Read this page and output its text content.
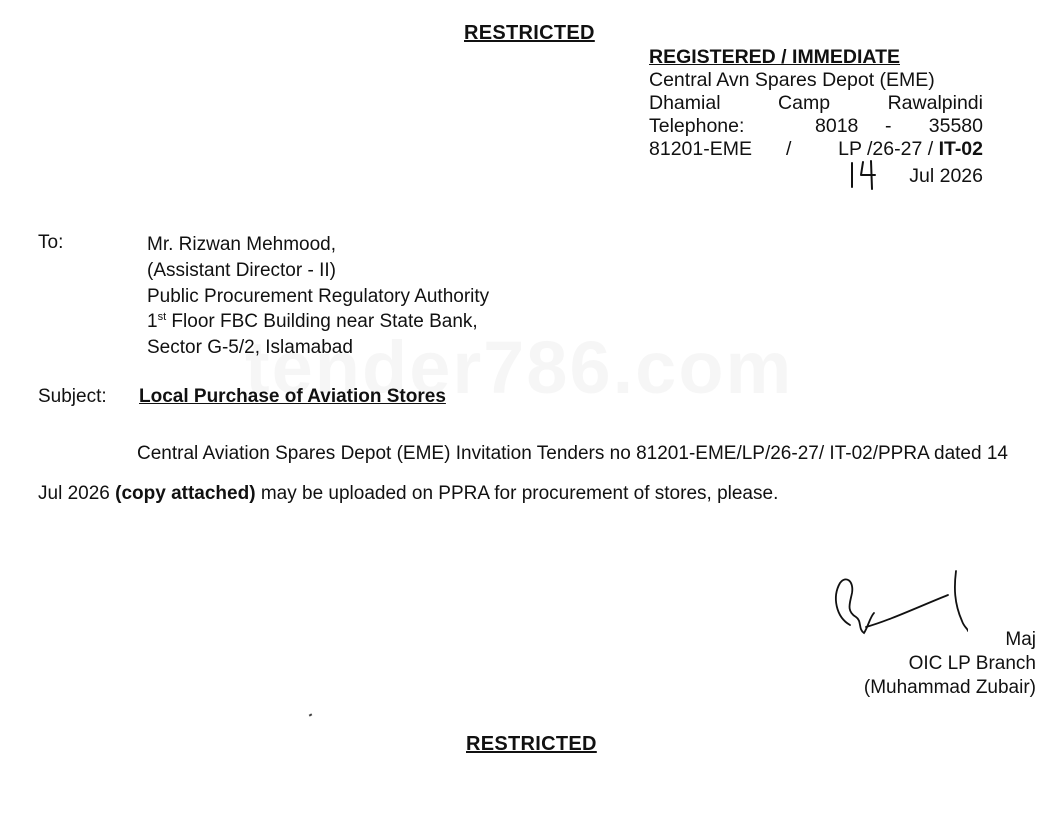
RESTRICTED
REGISTERED / IMMEDIATE
Central Avn Spares Depot (EME)
Dhamial	Camp	Rawalpindi
Telephone:	8018 - 35580
81201-EME / LP /26-27 / IT-02
Jul 2026
To:	Mr. Rizwan Mehmood,
(Assistant Director - II)
Public Procurement Regulatory Authority
1st Floor FBC Building near State Bank,
Sector G-5/2, Islamabad
Subject: Local Purchase of Aviation Stores
Central Aviation Spares Depot (EME) Invitation Tenders no 81201-EME/LP/26-27/ IT-02/PPRA dated 14 Jul 2026 (copy attached) may be uploaded on PPRA for procurement of stores, please.
Maj
OIC LP Branch
(Muhammad Zubair)
RESTRICTED
